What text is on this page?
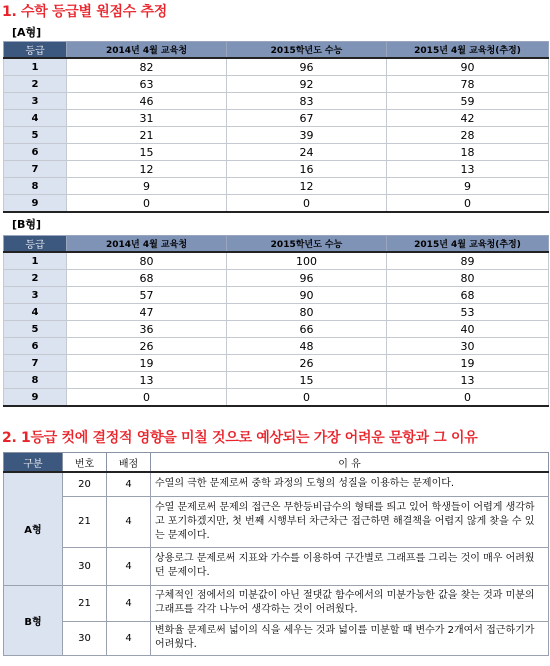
1. 수학 등급별 원점수 추정
[A형]
등급	2014년 4월 교육청	2015학년도 수능	2015년 4월 교육청(추정)
1	82	96	90
2	63	92	78
3	46	83	59
4	31	67	42
5	21	39	28
6	15	24	18
7	12	16	13
8	9	12	9
9	0	0	0
[B형]
등급	2014년 4월 교육청	2015학년도 수능	2015년 4월 교육청(추정)
1	80	100	89
2	68	96	80
3	57	90	68
4	47	80	53
5	36	66	40
6	26	48	30
7	19	26	19
8	13	15	13
9	0	0	0
2. 1등급 컷에 결정적 영향을 미칠 것으로 예상되는 가장 어려운 문항과 그 이유
구분	번호	배점	이 유
A형	20	4	수열의 극한 문제로써 중학 과정의 도형의 성질을 이용하는 문제이다.
	21	4	수열 문제로써 문제의 접근은 무한등비급수의 형태를 띄고 있어 학생들이 어렵게 생각하고 포기하겠지만, 첫 번째 시행부터 차근차근 접근하면 해결책을 어렵지 않게 찾을 수 있는 문제이다.
	30	4	상용로그 문제로써 지표와 가수를 이용하여 구간별로 그래프를 그리는 것이 매우 어려웠던 문제이다.
B형	21	4	구체적인 점에서의 미분값이 아닌 절댓값 함수에서의 미분가능한 값을 찾는 것과 미분의 그래프를 각각 나누어 생각하는 것이 어려웠다.
	30	4	변화율 문제로써 넓이의 식을 세우는 것과 넓이를 미분할 때 변수가 2개여서 접근하기가 어려웠다.
